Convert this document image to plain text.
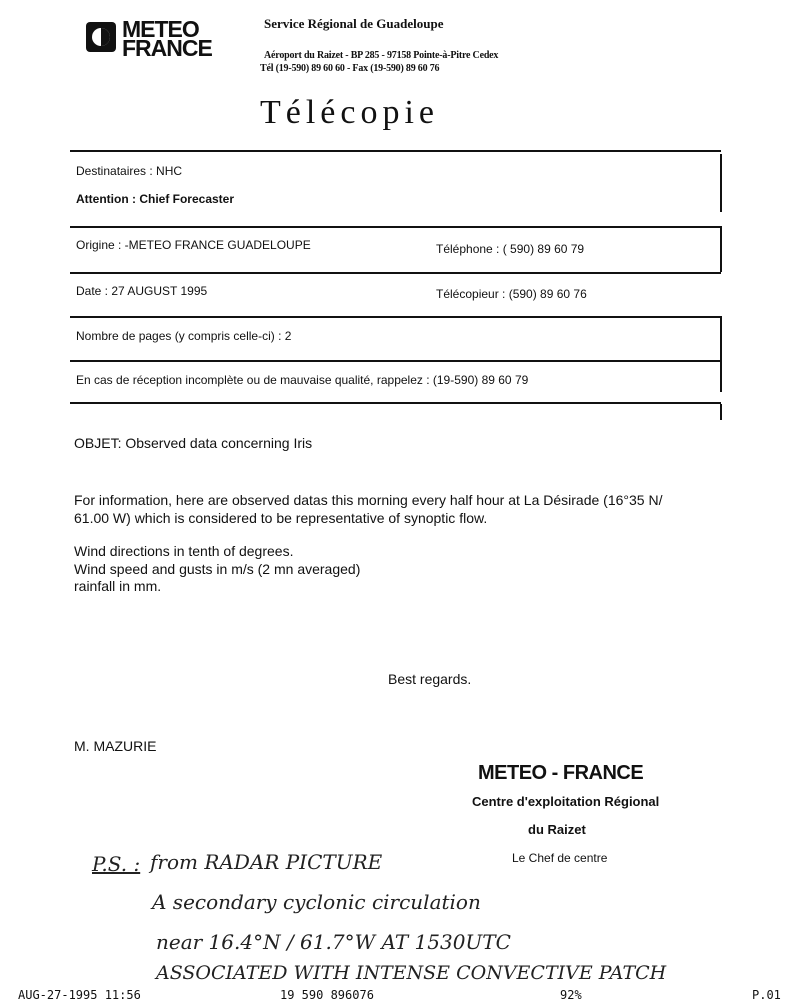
METEO
FRANCE
Service Régional de Guadeloupe
Aéroport du Raizet - BP 285 - 97158 Pointe-à-Pitre Cedex
Tél (19-590) 89 60 60 - Fax (19-590) 89 60 76
Télécopie
Destinataires : NHC
Attention : Chief Forecaster
Origine : -METEO FRANCE GUADELOUPE	Téléphone : ( 590) 89 60 79
Date : 27 AUGUST 1995	Télécopieur : (590) 89 60 76
Nombre de pages (y compris celle-ci) : 2
En cas de réception incomplète ou de mauvaise qualité, rappelez : (19-590) 89 60 79
OBJET: Observed data concerning Iris
For information, here are observed datas this morning every half hour at La Désirade (16°35 N/
61.00 W) which is considered to be representative of synoptic flow.
Wind directions in tenth of degrees.
Wind speed and gusts in m/s (2 mn averaged)
rainfall in mm.
Best regards.
M. MAZURIE
METEO - FRANCE
Centre d'exploitation Régional
du Raizet
Le Chef de centre
P.S. : from RADAR PICTURE
A secondary cyclonic circulation
near 16.4°N / 61.7°W AT 1530UTC
ASSOCIATED WITH INTENSE CONVECTIVE PATCH
AUG-27-1995 11:56	19 590 896076	92%	P.01
